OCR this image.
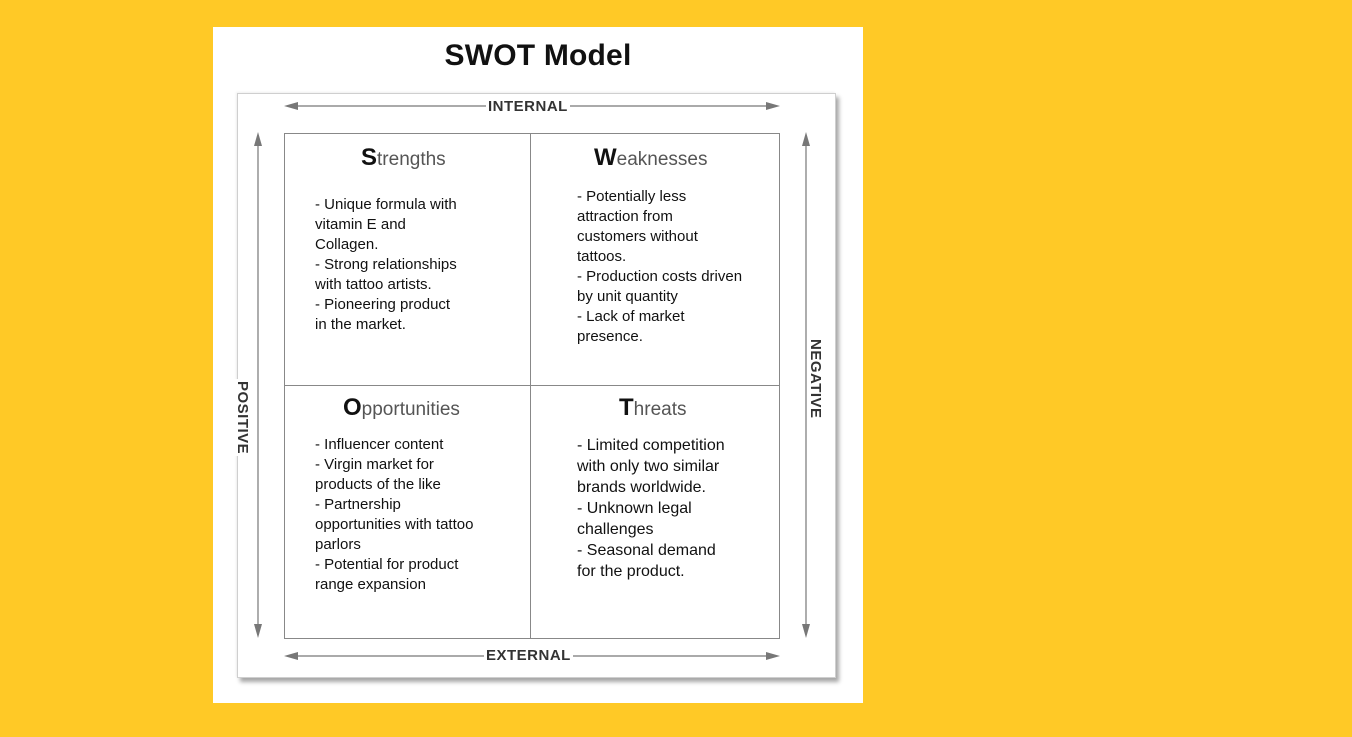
SWOT Model
INTERNAL
EXTERNAL
POSITIVE	NEGATIVE
Strengths
- Unique formula with
vitamin E and
Collagen.
- Strong relationships
with tattoo artists.
- Pioneering product
in the market.
Weaknesses
- Potentially less
attraction from
customers without
tattoos.
- Production costs driven
by unit quantity
- Lack of market
presence.
Opportunities
- Influencer content
- Virgin market for
products of the like
- Partnership
opportunities with tattoo
parlors
- Potential for product
range expansion
Threats
- Limited competition
with only two similar
brands worldwide.
- Unknown legal
challenges
- Seasonal demand
for the product.
